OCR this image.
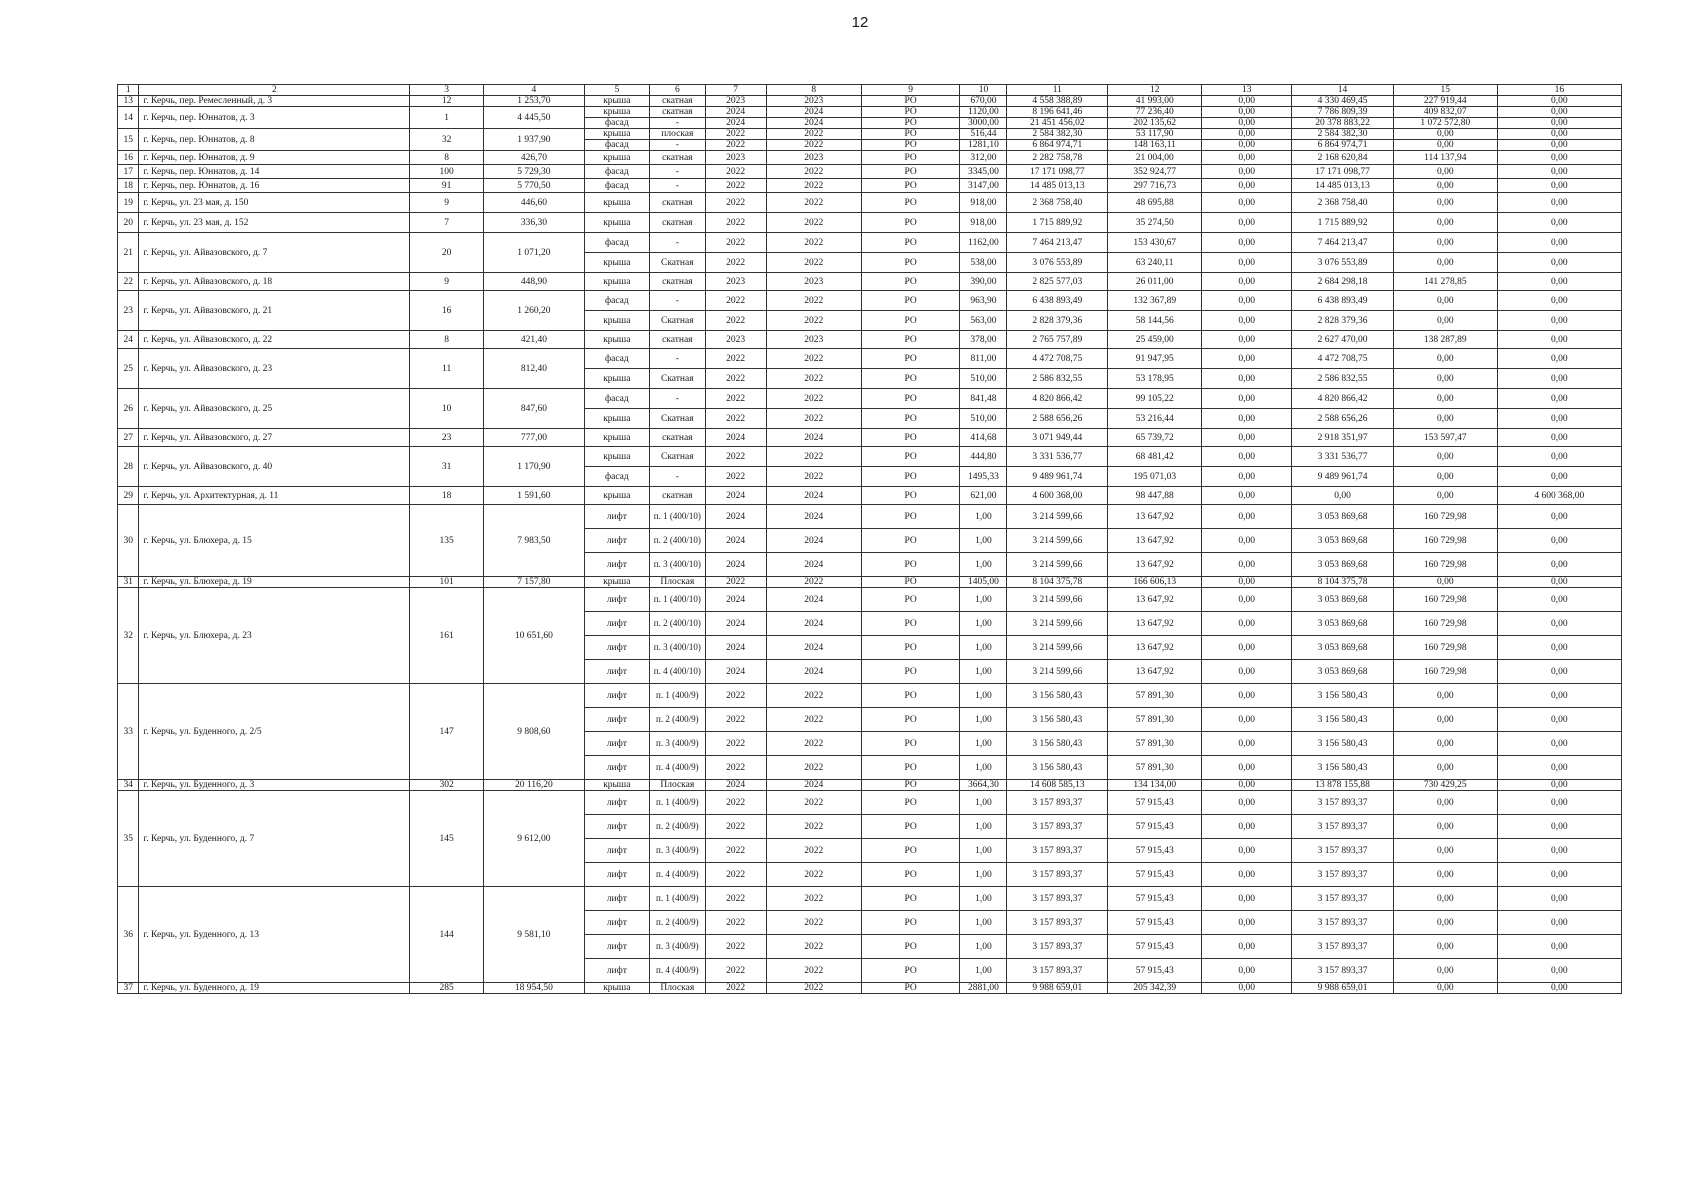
12
1	2	3	4	5	6	7	8	9	10	11	12	13	14	15	16
13	г. Керчь, пер. Ремесленный, д. 3	12	1 253,70	крыша	скатная	2023	2023	РО	670,00	4 558 388,89	41 993,00	0,00	4 330 469,45	227 919,44	0,00
14	г. Керчь, пер. Юннатов, д. 3	1	4 445,50	крыша	скатная	2024	2024	РО	1120,00	8 196 641,46	77 236,40	0,00	7 786 809,39	409 832,07	0,00
				фасад	-	2024	2024	РО	3000,00	21 451 456,02	202 135,62	0,00	20 378 883,22	1 072 572,80	0,00
15	г. Керчь, пер. Юннатов, д. 8	32	1 937,90	крыша	плоская	2022	2022	РО	516,44	2 584 382,30	53 117,90	0,00	2 584 382,30	0,00	0,00
				фасад	-	2022	2022	РО	1281,10	6 864 974,71	148 163,11	0,00	6 864 974,71	0,00	0,00
16	г. Керчь, пер. Юннатов, д. 9	8	426,70	крыша	скатная	2023	2023	РО	312,00	2 282 758,78	21 004,00	0,00	2 168 620,84	114 137,94	0,00
17	г. Керчь, пер. Юннатов, д. 14	100	5 729,30	фасад	-	2022	2022	РО	3345,00	17 171 098,77	352 924,77	0,00	17 171 098,77	0,00	0,00
18	г. Керчь, пер. Юннатов, д. 16	91	5 770,50	фасад	-	2022	2022	РО	3147,00	14 485 013,13	297 716,73	0,00	14 485 013,13	0,00	0,00
19	г. Керчь, ул. 23 мая, д. 150	9	446,60	крыша	скатная	2022	2022	РО	918,00	2 368 758,40	48 695,88	0,00	2 368 758,40	0,00	0,00
20	г. Керчь, ул. 23 мая, д. 152	7	336,30	крыша	скатная	2022	2022	РО	918,00	1 715 889,92	35 274,50	0,00	1 715 889,92	0,00	0,00
21	г. Керчь, ул. Айвазовского, д. 7	20	1 071,20	фасад	-	2022	2022	РО	1162,00	7 464 213,47	153 430,67	0,00	7 464 213,47	0,00	0,00
				крыша	Скатная	2022	2022	РО	538,00	3 076 553,89	63 240,11	0,00	3 076 553,89	0,00	0,00
22	г. Керчь, ул. Айвазовского, д. 18	9	448,90	крыша	скатная	2023	2023	РО	390,00	2 825 577,03	26 011,00	0,00	2 684 298,18	141 278,85	0,00
23	г. Керчь, ул. Айвазовского, д. 21	16	1 260,20	фасад	-	2022	2022	РО	963,90	6 438 893,49	132 367,89	0,00	6 438 893,49	0,00	0,00
				крыша	Скатная	2022	2022	РО	563,00	2 828 379,36	58 144,56	0,00	2 828 379,36	0,00	0,00
24	г. Керчь, ул. Айвазовского, д. 22	8	421,40	крыша	скатная	2023	2023	РО	378,00	2 765 757,89	25 459,00	0,00	2 627 470,00	138 287,89	0,00
25	г. Керчь, ул. Айвазовского, д. 23	11	812,40	фасад	-	2022	2022	РО	811,00	4 472 708,75	91 947,95	0,00	4 472 708,75	0,00	0,00
				крыша	Скатная	2022	2022	РО	510,00	2 586 832,55	53 178,95	0,00	2 586 832,55	0,00	0,00
26	г. Керчь, ул. Айвазовского, д. 25	10	847,60	фасад	-	2022	2022	РО	841,48	4 820 866,42	99 105,22	0,00	4 820 866,42	0,00	0,00
				крыша	Скатная	2022	2022	РО	510,00	2 588 656,26	53 216,44	0,00	2 588 656,26	0,00	0,00
27	г. Керчь, ул. Айвазовского, д. 27	23	777,00	крыша	скатная	2024	2024	РО	414,68	3 071 949,44	65 739,72	0,00	2 918 351,97	153 597,47	0,00
28	г. Керчь, ул. Айвазовского, д. 40	31	1 170,90	крыша	Скатная	2022	2022	РО	444,80	3 331 536,77	68 481,42	0,00	3 331 536,77	0,00	0,00
				фасад	-	2022	2022	РО	1495,33	9 489 961,74	195 071,03	0,00	9 489 961,74	0,00	0,00
29	г. Керчь, ул. Архитектурная, д. 11	18	1 591,60	крыша	скатная	2024	2024	РО	621,00	4 600 368,00	98 447,88	0,00	0,00	0,00	4 600 368,00
30	г. Керчь, ул. Блюхера, д. 15	135	7 983,50	лифт	п. 1 (400/10)	2024	2024	РО	1,00	3 214 599,66	13 647,92	0,00	3 053 869,68	160 729,98	0,00
				лифт	п. 2 (400/10)	2024	2024	РО	1,00	3 214 599,66	13 647,92	0,00	3 053 869,68	160 729,98	0,00
				лифт	п. 3 (400/10)	2024	2024	РО	1,00	3 214 599,66	13 647,92	0,00	3 053 869,68	160 729,98	0,00
31	г. Керчь, ул. Блюхера, д. 19	101	7 157,80	крыша	Плоская	2022	2022	РО	1405,00	8 104 375,78	166 606,13	0,00	8 104 375,78	0,00	0,00
32	г. Керчь, ул. Блюхера, д. 23	161	10 651,60	лифт	п. 1 (400/10)	2024	2024	РО	1,00	3 214 599,66	13 647,92	0,00	3 053 869,68	160 729,98	0,00
				лифт	п. 2 (400/10)	2024	2024	РО	1,00	3 214 599,66	13 647,92	0,00	3 053 869,68	160 729,98	0,00
				лифт	п. 3 (400/10)	2024	2024	РО	1,00	3 214 599,66	13 647,92	0,00	3 053 869,68	160 729,98	0,00
				лифт	п. 4 (400/10)	2024	2024	РО	1,00	3 214 599,66	13 647,92	0,00	3 053 869,68	160 729,98	0,00
33	г. Керчь, ул. Буденного, д. 2/5	147	9 808,60	лифт	п. 1 (400/9)	2022	2022	РО	1,00	3 156 580,43	57 891,30	0,00	3 156 580,43	0,00	0,00
				лифт	п. 2 (400/9)	2022	2022	РО	1,00	3 156 580,43	57 891,30	0,00	3 156 580,43	0,00	0,00
				лифт	п. 3 (400/9)	2022	2022	РО	1,00	3 156 580,43	57 891,30	0,00	3 156 580,43	0,00	0,00
				лифт	п. 4 (400/9)	2022	2022	РО	1,00	3 156 580,43	57 891,30	0,00	3 156 580,43	0,00	0,00
34	г. Керчь, ул. Буденного, д. 3	302	20 116,20	крыша	Плоская	2024	2024	РО	3664,30	14 608 585,13	134 134,00	0,00	13 878 155,88	730 429,25	0,00
35	г. Керчь, ул. Буденного, д. 7	145	9 612,00	лифт	п. 1 (400/9)	2022	2022	РО	1,00	3 157 893,37	57 915,43	0,00	3 157 893,37	0,00	0,00
				лифт	п. 2 (400/9)	2022	2022	РО	1,00	3 157 893,37	57 915,43	0,00	3 157 893,37	0,00	0,00
				лифт	п. 3 (400/9)	2022	2022	РО	1,00	3 157 893,37	57 915,43	0,00	3 157 893,37	0,00	0,00
				лифт	п. 4 (400/9)	2022	2022	РО	1,00	3 157 893,37	57 915,43	0,00	3 157 893,37	0,00	0,00
36	г. Керчь, ул. Буденного, д. 13	144	9 581,10	лифт	п. 1 (400/9)	2022	2022	РО	1,00	3 157 893,37	57 915,43	0,00	3 157 893,37	0,00	0,00
				лифт	п. 2 (400/9)	2022	2022	РО	1,00	3 157 893,37	57 915,43	0,00	3 157 893,37	0,00	0,00
				лифт	п. 3 (400/9)	2022	2022	РО	1,00	3 157 893,37	57 915,43	0,00	3 157 893,37	0,00	0,00
				лифт	п. 4 (400/9)	2022	2022	РО	1,00	3 157 893,37	57 915,43	0,00	3 157 893,37	0,00	0,00
37	г. Керчь, ул. Буденного, д. 19	285	18 954,50	крыша	Плоская	2022	2022	РО	2881,00	9 988 659,01	205 342,39	0,00	9 988 659,01	0,00	0,00
